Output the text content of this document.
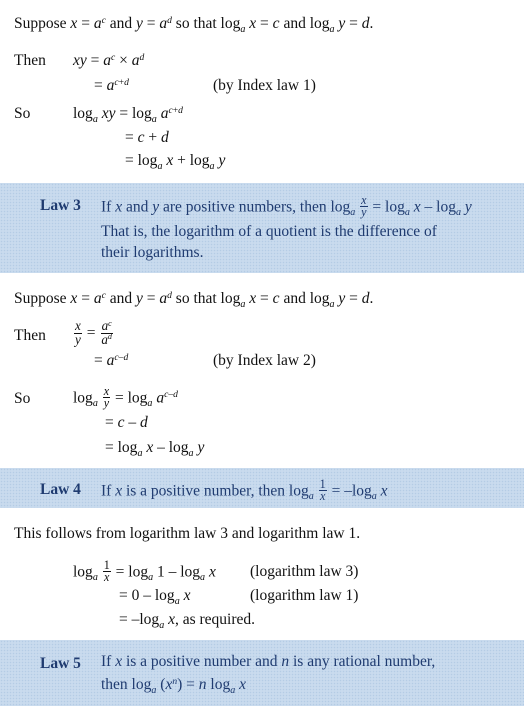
Suppose $x = a^c$ and $y = a^d$ so that $\log_a x = c$ and $\log_a y = d$.
Then xy = $a^c \times a^d$
= $a^{c+d}$	(by Index law 1)
So	$\log_a$ xy = $\log_a a^{c+d}$
= c + d
= $\log_a x + \log_a y$
Law 3 If x and y are positive numbers, then $\log_a \frac{x}{y} = \log_a x - \log_a y$
That is, the logarithm of a quotient is the difference of
their logarithms.
Suppose $x = a^c$ and $y = a^d$ so that $\log_a x = c$ and $\log_a y = d$.
Then $\frac{x}{y} = \frac{a^c}{a^d}$
= $a^{c-d}$	(by Index law 2)
So	$\log_a \frac{x}{y} = \log_a a^{c-d}$
= c – d
= $\log_a x - \log_a y$
Law 4 If x is a positive number, then $\log_a \frac{1}{x} = -\log_a$ x
This follows from logarithm law 3 and logarithm law 1.
$\log_a \frac{1}{x} = \log_a 1 - \log_a x$ (logarithm law 3)
= $0 - \log_a x$	(logarithm law 1)
= $-\log_a$ x, as required.
Law 5 If x is a positive number and n is any rational number,
then $\log_a (x^n) = n$ $\log_a x$
